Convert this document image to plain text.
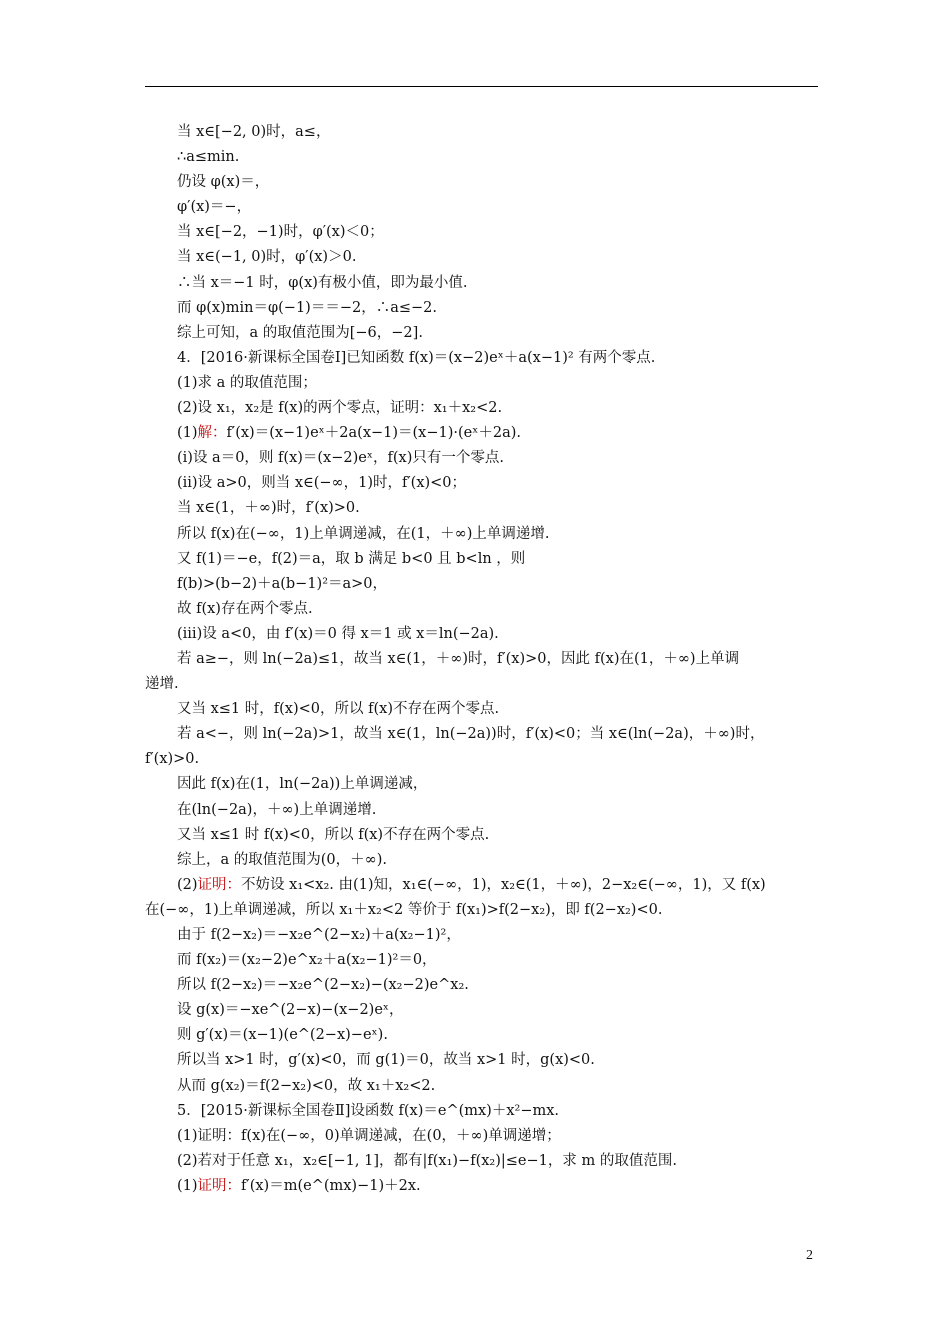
当 x∈[−2, 0)时，a≤，
∴a≤min.
仍设 φ(x)＝，
φ′(x)＝−，
当 x∈[−2，−1)时，φ′(x)＜0；
当 x∈(−1, 0)时，φ′(x)＞0.
∴当 x＝−1 时，φ(x)有极小值，即为最小值.
而 φ(x)min＝φ(−1)＝＝−2，∴a≤−2.
综上可知，a 的取值范围为[−6，−2].
4．[2016·新课标全国卷Ⅰ]已知函数 f(x)＝(x−2)eˣ＋a(x−1)² 有两个零点.
(1)求 a 的取值范围；
(2)设 x₁，x₂是 f(x)的两个零点，证明：x₁＋x₂<2.
(1)解：f′(x)＝(x−1)eˣ＋2a(x−1)＝(x−1)·(eˣ＋2a).
(ⅰ)设 a＝0，则 f(x)＝(x−2)eˣ，f(x)只有一个零点.
(ⅱ)设 a>0，则当 x∈(−∞，1)时，f′(x)<0；
当 x∈(1，＋∞)时，f′(x)>0.
所以 f(x)在(−∞，1)上单调递减，在(1，＋∞)上单调递增.
又 f(1)＝−e，f(2)＝a，取 b 满足 b<0 且 b<ln ，则
f(b)>(b−2)＋a(b−1)²＝a>0，
故 f(x)存在两个零点.
(ⅲ)设 a<0，由 f′(x)＝0 得 x＝1 或 x＝ln(−2a).
若 a≥−，则 ln(−2a)≤1，故当 x∈(1，＋∞)时，f′(x)>0，因此 f(x)在(1，＋∞)上单调
递增.
又当 x≤1 时，f(x)<0，所以 f(x)不存在两个零点.
若 a<−，则 ln(−2a)>1，故当 x∈(1，ln(−2a))时，f′(x)<0；当 x∈(ln(−2a)，＋∞)时，
f′(x)>0.
因此 f(x)在(1，ln(−2a))上单调递减，
在(ln(−2a)，＋∞)上单调递增.
又当 x≤1 时 f(x)<0，所以 f(x)不存在两个零点.
综上，a 的取值范围为(0，＋∞).
(2)证明：不妨设 x₁<x₂. 由(1)知，x₁∈(−∞，1)，x₂∈(1，＋∞)，2−x₂∈(−∞，1)，又 f(x)
在(−∞，1)上单调递减，所以 x₁＋x₂<2 等价于 f(x₁)>f(2−x₂)，即 f(2−x₂)<0.
由于 f(2−x₂)＝−x₂e^(2−x₂)＋a(x₂−1)²，
而 f(x₂)＝(x₂−2)e^x₂＋a(x₂−1)²＝0，
所以 f(2−x₂)＝−x₂e^(2−x₂)−(x₂−2)e^x₂.
设 g(x)＝−xe^(2−x)−(x−2)eˣ，
则 g′(x)＝(x−1)(e^(2−x)−eˣ).
所以当 x>1 时，g′(x)<0，而 g(1)＝0，故当 x>1 时，g(x)<0.
从而 g(x₂)＝f(2−x₂)<0，故 x₁＋x₂<2.
5．[2015·新课标全国卷Ⅱ]设函数 f(x)＝e^(mx)＋x²−mx.
(1)证明：f(x)在(−∞，0)单调递减，在(0，＋∞)单调递增；
(2)若对于任意 x₁，x₂∈[−1, 1]，都有|f(x₁)−f(x₂)|≤e−1，求 m 的取值范围.
(1)证明：f′(x)＝m(e^(mx)−1)＋2x.
2
